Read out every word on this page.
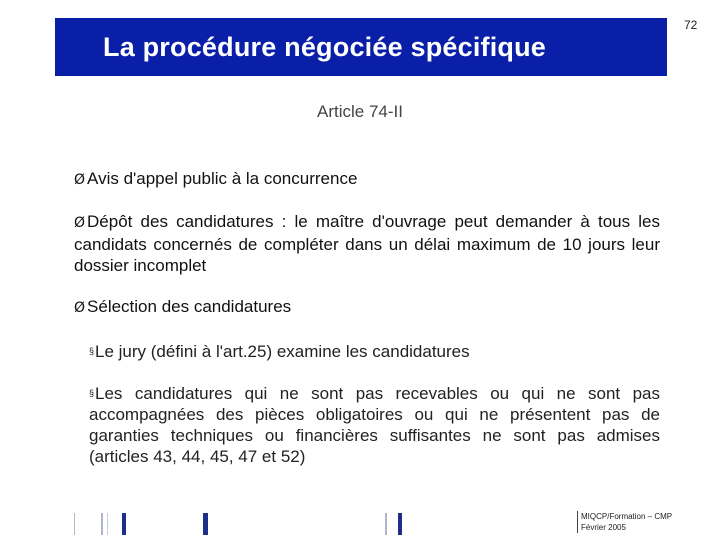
La procédure négociée spécifique
72
Article 74‑II
Ø Avis d'appel public à la concurrence
Ø Dépôt des candidatures : le maître d'ouvrage peut demander à tous les candidats concernés de compléter dans un délai maximum de 10 jours leur dossier incomplet
Ø Sélection des candidatures
§Le jury (défini à l'art.25) examine les candidatures
§Les candidatures qui ne sont pas recevables ou qui ne sont pas accompagnées des pièces obligatoires ou qui ne présentent pas de garanties techniques ou financières suffisantes ne sont pas admises (articles 43, 44, 45, 47 et 52)
MIQCP/Formation – CMP
Février 2005
